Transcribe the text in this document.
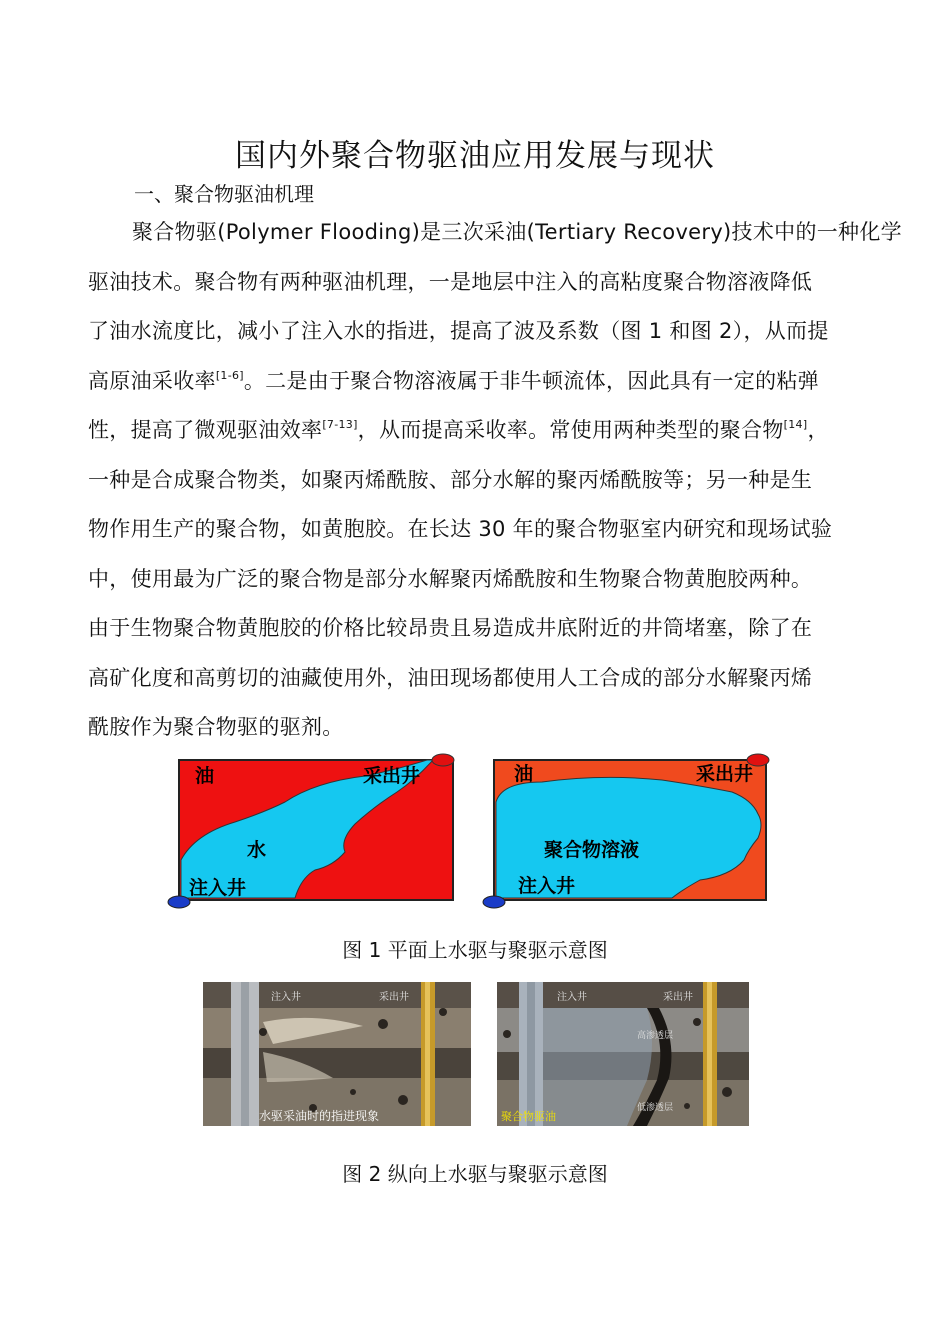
国内外聚合物驱油应用发展与现状
一、聚合物驱油机理
聚合物驱(Polymer Flooding)是三次采油(Tertiary Recovery)技术中的一种化学
驱油技术。聚合物有两种驱油机理，一是地层中注入的高粘度聚合物溶液降低
了油水流度比，减小了注入水的指进，提高了波及系数（图 1 和图 2），从而提
高原油采收率[1-6]。二是由于聚合物溶液属于非牛顿流体，因此具有一定的粘弹
性，提高了微观驱油效率[7-13]，从而提高采收率。常使用两种类型的聚合物[14]，
一种是合成聚合物类，如聚丙烯酰胺、部分水解的聚丙烯酰胺等；另一种是生
物作用生产的聚合物，如黄胞胶。在长达 30 年的聚合物驱室内研究和现场试验
中，使用最为广泛的聚合物是部分水解聚丙烯酰胺和生物聚合物黄胞胶两种。
由于生物聚合物黄胞胶的价格比较昂贵且易造成井底附近的井筒堵塞，除了在
高矿化度和高剪切的油藏使用外，油田现场都使用人工合成的部分水解聚丙烯
酰胺作为聚合物驱的驱剂。
油	采出井
水
注入井
油	采出井
聚合物溶液
注入井
图 1 平面上水驱与聚驱示意图
注入井	采出井
水驱采油时的指进现象
注入井	采出井
高渗透层
低渗透层
聚合物驱油
图 2 纵向上水驱与聚驱示意图
